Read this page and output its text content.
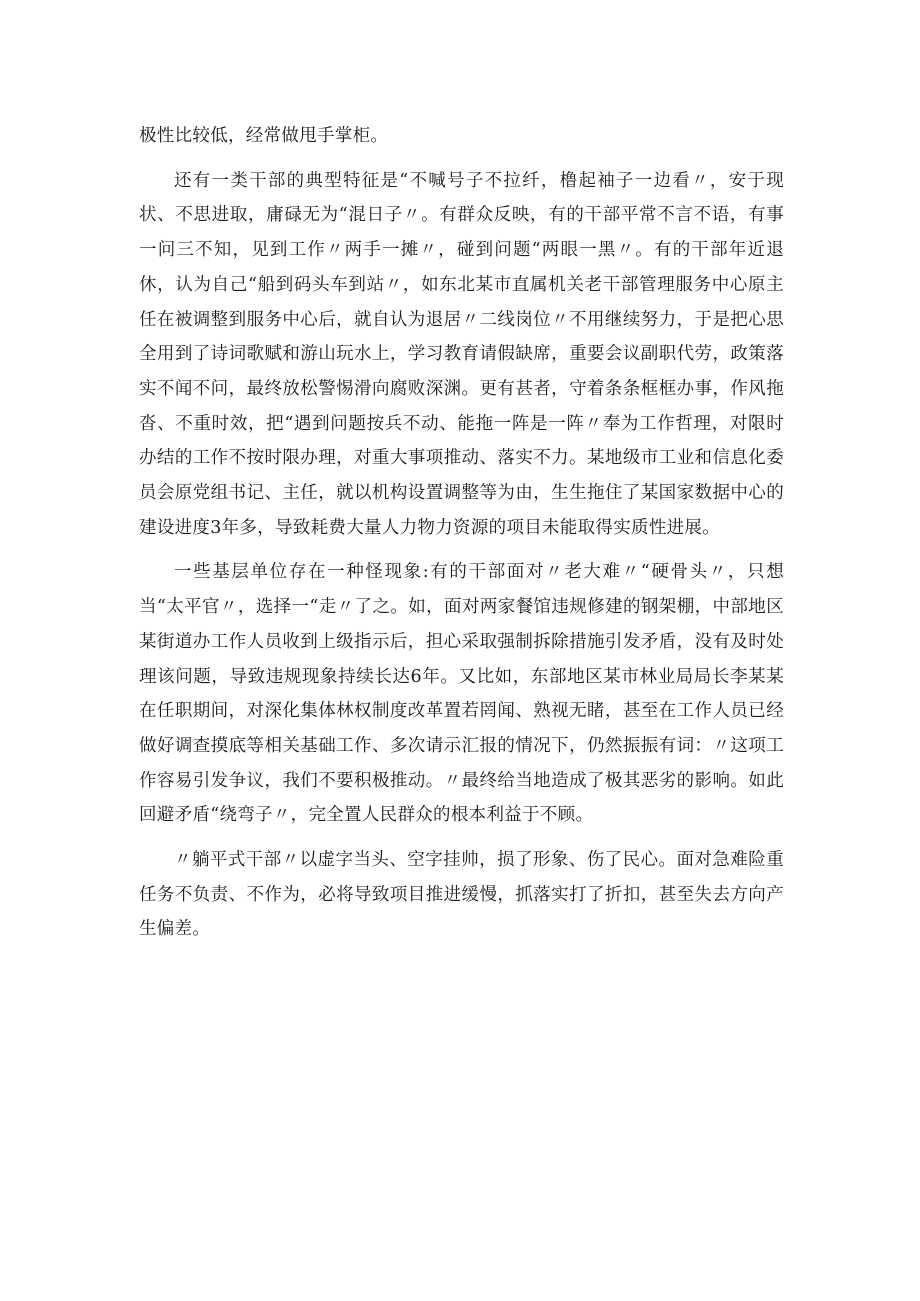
极性比较低，经常做甩手掌柜。

还有一类干部的典型特征是“不喊号子不拉纤，橹起袖子一边看〃，安于现状、不思进取，庸碌无为“混日子〃。有群众反映，有的干部平常不言不语，有事一问三不知，见到工作〃两手一摊〃，碰到问题“两眼一黑〃。有的干部年近退休，认为自己“船到码头车到站〃，如东北某市直属机关老干部管理服务中心原主任在被调整到服务中心后，就自认为退居〃二线岗位〃不用继续努力，于是把心思全用到了诗词歌赋和游山玩水上，学习教育请假缺席，重要会议副职代劳，政策落实不闻不问，最终放松警惕滑向腐败深渊。更有甚者，守着条条框框办事，作风拖沓、不重时效，把“遇到问题按兵不动、能拖一阵是一阵〃奉为工作哲理，对限时办结的工作不按时限办理，对重大事项推动、落实不力。某地级市工业和信息化委员会原党组书记、主任，就以机构设置调整等为由，生生拖住了某国家数据中心的建设进度3年多，导致耗费大量人力物力资源的项目未能取得实质性进展。

一些基层单位存在一种怪现象:有的干部面对〃老大难〃“硬骨头〃，只想当“太平官〃，选择一“走〃了之。如，面对两家餐馆违规修建的钢架棚，中部地区某街道办工作人员收到上级指示后，担心采取强制拆除措施引发矛盾，没有及时处理该问题，导致违规现象持续长达6年。又比如，东部地区某市林业局局长李某某在任职期间，对深化集体林权制度改革置若罔闻、熟视无睹，甚至在工作人员已经做好调查摸底等相关基础工作、多次请示汇报的情况下，仍然振振有词：〃这项工作容易引发争议，我们不要积极推动。〃最终给当地造成了极其恶劣的影响。如此回避矛盾“绕弯子〃，完全置人民群众的根本利益于不顾。

〃躺平式干部〃以虚字当头、空字挂帅，损了形象、伤了民心。面对急难险重任务不负责、不作为，必将导致项目推进缓慢，抓落实打了折扣，甚至失去方向产生偏差。
